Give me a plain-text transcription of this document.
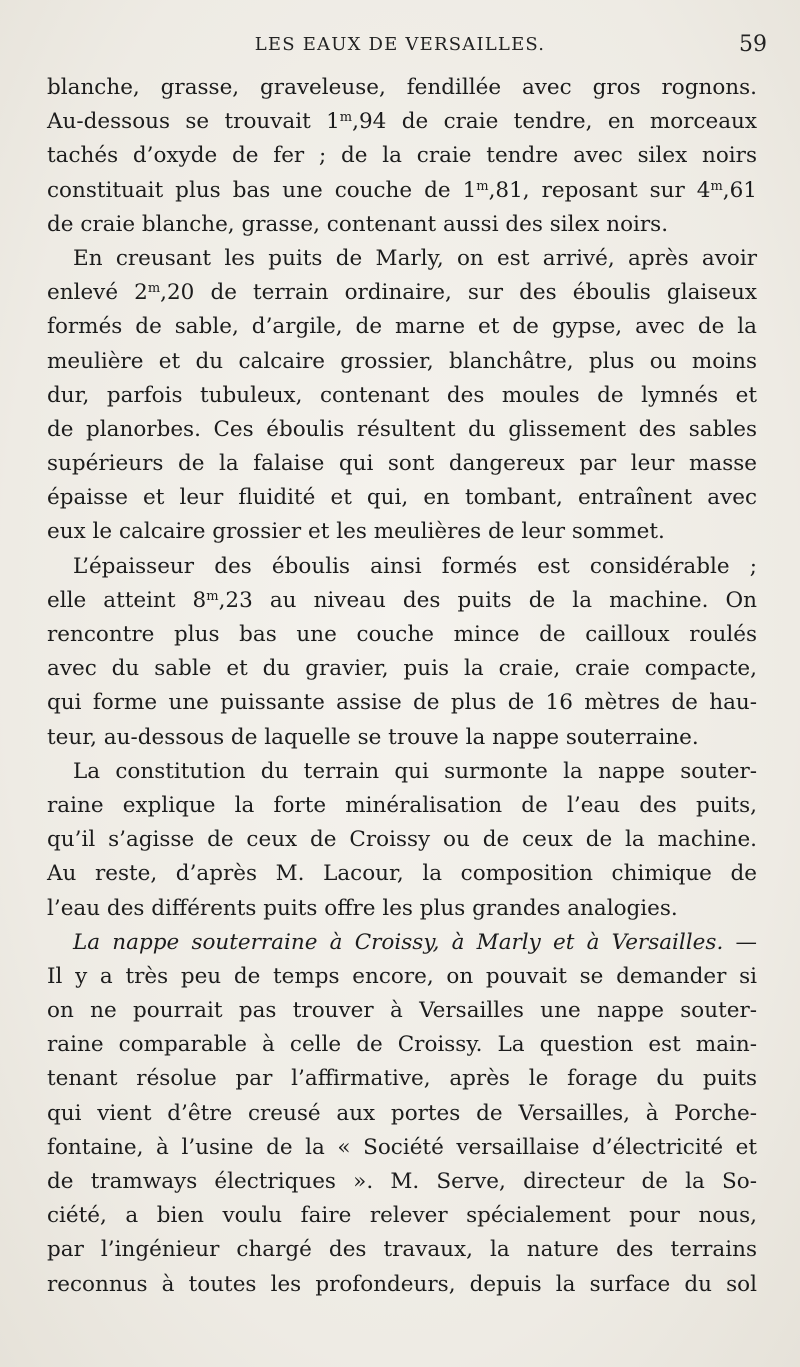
LES EAUX DE VERSAILLES.	59
blanche, grasse, graveleuse, fendillée avec gros rognons.
Au-dessous se trouvait 1$^m$,94 de craie tendre, en morceaux
tachés d’oxyde de fer ; de la craie tendre avec silex noirs
constituait plus bas une couche de 1$^m$,81, reposant sur 4$^m$,61
de craie blanche, grasse, contenant aussi des silex noirs.
En creusant les puits de Marly, on est arrivé, après avoir
enlevé 2$^m$,20 de terrain ordinaire, sur des éboulis glaiseux
formés de sable, d’argile, de marne et de gypse, avec de la
meulière et du calcaire grossier, blanchâtre, plus ou moins
dur, parfois tubuleux, contenant des moules de lymnés et
de planorbes. Ces éboulis résultent du glissement des sables
supérieurs de la falaise qui sont dangereux par leur masse
épaisse et leur fluidité et qui, en tombant, entraînent avec
eux le calcaire grossier et les meulières de leur sommet.
L’épaisseur des éboulis ainsi formés est considérable ;
elle atteint 8$^m$,23 au niveau des puits de la machine. On
rencontre plus bas une couche mince de cailloux roulés
avec du sable et du gravier, puis la craie, craie compacte,
qui forme une puissante assise de plus de 16 mètres de hau-
teur, au-dessous de laquelle se trouve la nappe souterraine.
La constitution du terrain qui surmonte la nappe souter-
raine explique la forte minéralisation de l’eau des puits,
qu’il s’agisse de ceux de Croissy ou de ceux de la machine.
Au reste, d’après M. Lacour, la composition chimique de
l’eau des différents puits offre les plus grandes analogies.
La nappe souterraine à Croissy, à Marly et à Versailles. —
Il y a très peu de temps encore, on pouvait se demander si
on ne pourrait pas trouver à Versailles une nappe souter-
raine comparable à celle de Croissy. La question est main-
tenant résolue par l’affirmative, après le forage du puits
qui vient d’être creusé aux portes de Versailles, à Porche-
fontaine, à l’usine de la « Société versaillaise d’électricité et
de tramways électriques ». M. Serve, directeur de la So-
ciété, a bien voulu faire relever spécialement pour nous,
par l’ingénieur chargé des travaux, la nature des terrains
reconnus à toutes les profondeurs, depuis la surface du sol
